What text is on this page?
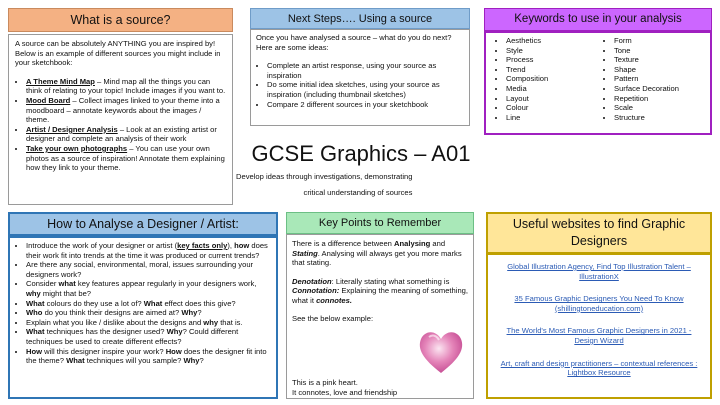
What is a source?
A source can be absolutely ANYTHING you are inspired by! Below is an example of different sources you might include in your sketchbook:
• A Theme Mind Map – Mind map all the things you can think of relating to your topic! Include images if you want to.
• Mood Board – Collect images linked to your theme into a moodboard – annotate keywords about the images / theme.
• Artist / Designer Analysis – Look at an existing artist or designer and complete an analysis of their work
• Take your own photographs – You can use your own photos as a source of inspiration! Annotate them explaining how they link to your theme.
Next Steps…. Using a source
Once you have analysed a source – what do you do next? Here are some ideas:
• Complete an artist response, using your source as inspiration
• Do some initial idea sketches, using your source as inspiration (including thumbnail sketches)
• Compare 2 different sources in your sketchbook
Keywords to use in your analysis
• Aesthetics
• Style
• Process
• Trend
• Composition
• Media
• Layout
• Colour
• Line
• Form
• Tone
• Texture
• Shape
• Pattern
• Surface Decoration
• Repetition
• Scale
• Structure
GCSE Graphics – A01
Develop ideas through investigations, demonstrating
critical understanding of sources
How to Analyse a Designer / Artist:
• Introduce the work of your designer or artist (key facts only), how does their work fit into trends at the time it was produced or current trends?
• Are there any social, environmental, moral, issues surrounding your designers work?
• Consider what key features appear regularly in your designers work, why might that be?
• What colours do they use a lot of? What effect does this give?
• Who do you think their designs are aimed at? Why?
• Explain what you like / dislike about the designs and why that is.
• What techniques has the designer used? Why? Could different techniques be used to create different effects?
• How will this designer inspire your work? How does the designer fit into the theme? What techniques will you sample? Why?
Key Points to Remember
There is a difference between Analysing and Stating. Analysing will always get you more marks that stating.
Denotation: Literally stating what something is
Connotation: Explaining the meaning of something, what it connotes.
See the below example:
This is a pink heart.
It connotes, love and friendship
Useful websites to find Graphic Designers
Global Illustration Agency, Find Top Illustration Talent – IllustrationX
35 Famous Graphic Designers You Need To Know (shillingtoneducation.com)
The World's Most Famous Graphic Designers in 2021 - Design Wizard
Art, craft and design practitioners – contextual references : Lightbox Resource
